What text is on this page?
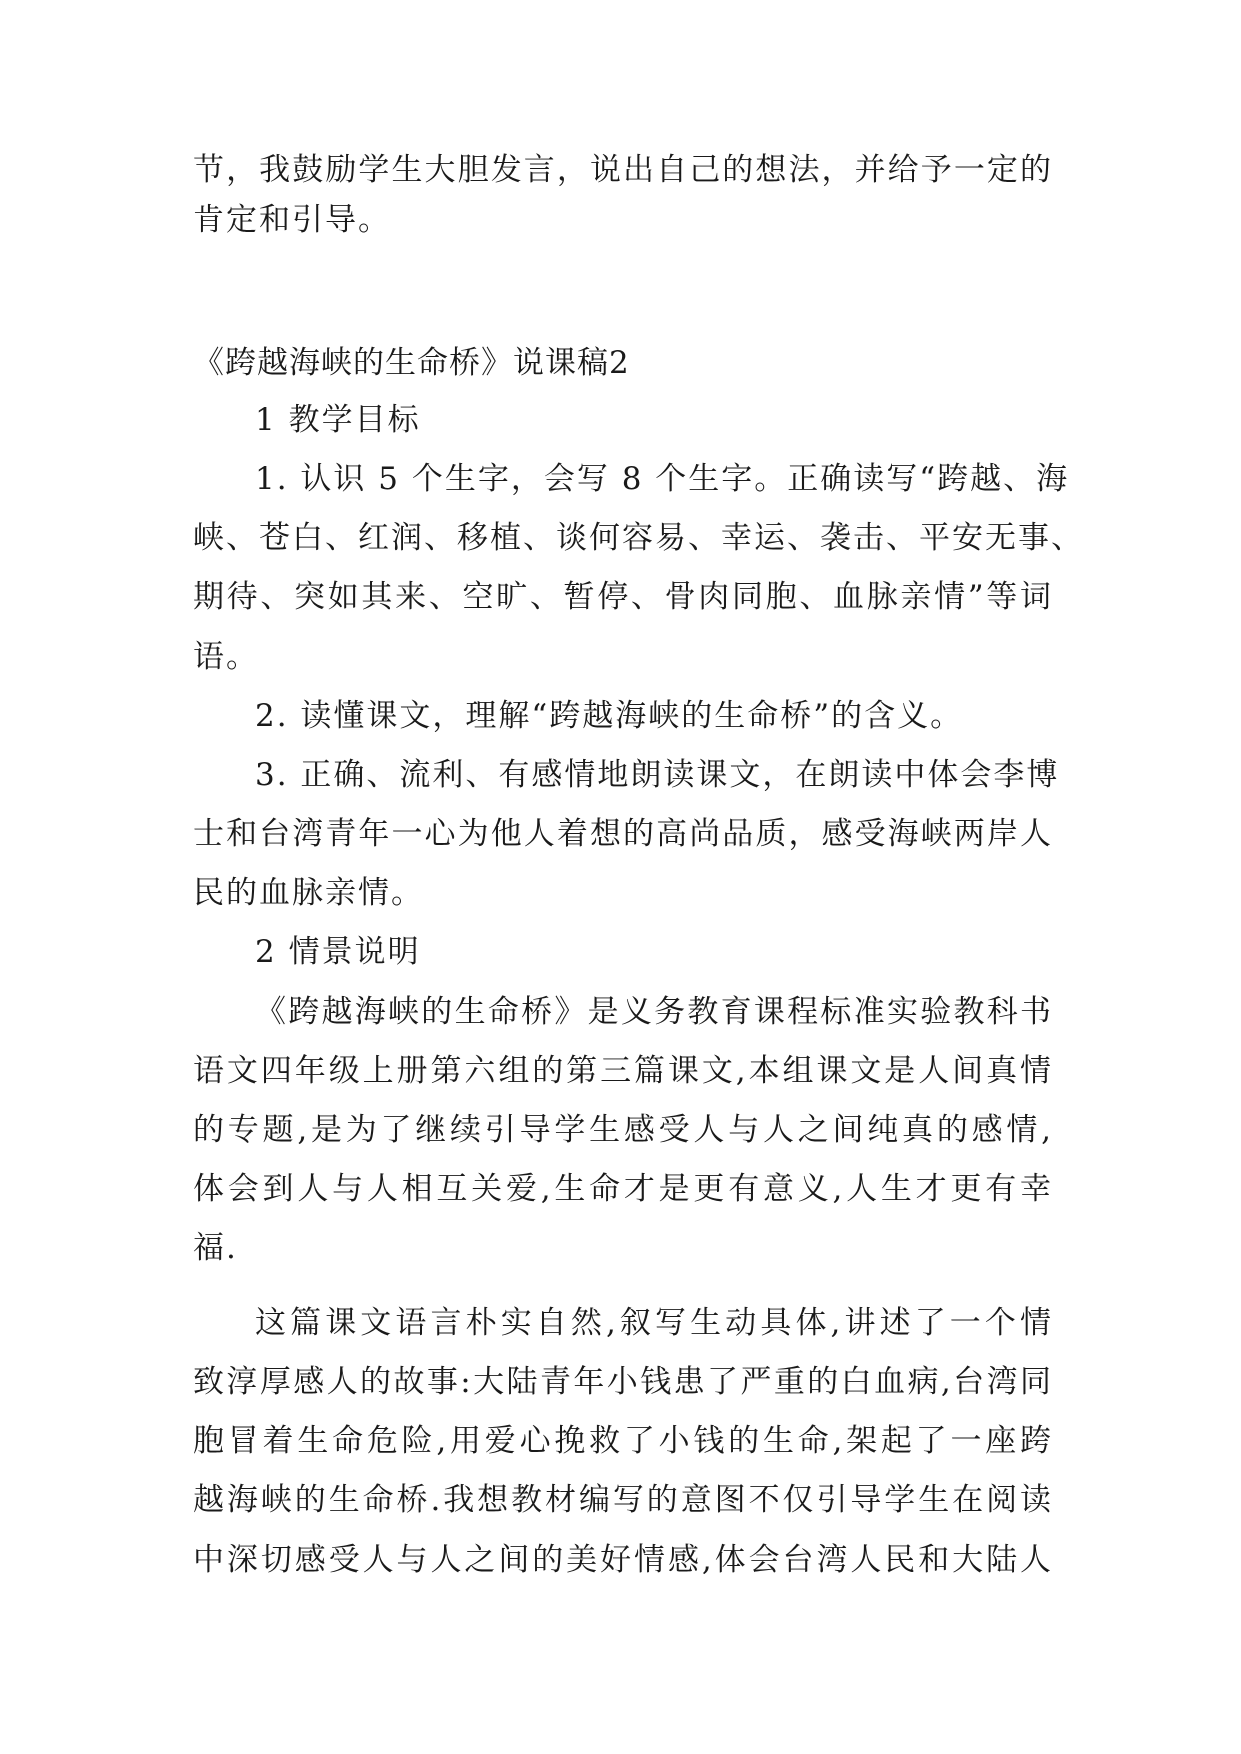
节，我鼓励学生大胆发言，说出自己的想法，并给予一定的

肯定和引导。

《跨越海峡的生命桥》说课稿2

1 教学目标

1. 认识 5 个生字，会写 8 个生字。正确读写“跨越、海

峡、苍白、红润、移植、谈何容易、幸运、袭击、平安无事、

期待、突如其来、空旷、暂停、骨肉同胞、血脉亲情”等词

语。

2. 读懂课文，理解“跨越海峡的生命桥”的含义。

3. 正确、流利、有感情地朗读课文，在朗读中体会李博

士和台湾青年一心为他人着想的高尚品质，感受海峡两岸人

民的血脉亲情。

2 情景说明

《跨越海峡的生命桥》是义务教育课程标准实验教科书

语文四年级上册第六组的第三篇课文,本组课文是人间真情

的专题,是为了继续引导学生感受人与人之间纯真的感情,

体会到人与人相互关爱,生命才是更有意义,人生才更有幸

福.

这篇课文语言朴实自然,叙写生动具体,讲述了一个情

致淳厚感人的故事:大陆青年小钱患了严重的白血病,台湾同

胞冒着生命危险,用爱心挽救了小钱的生命,架起了一座跨

越海峡的生命桥.我想教材编写的意图不仅引导学生在阅读

中深切感受人与人之间的美好情感,体会台湾人民和大陆人
